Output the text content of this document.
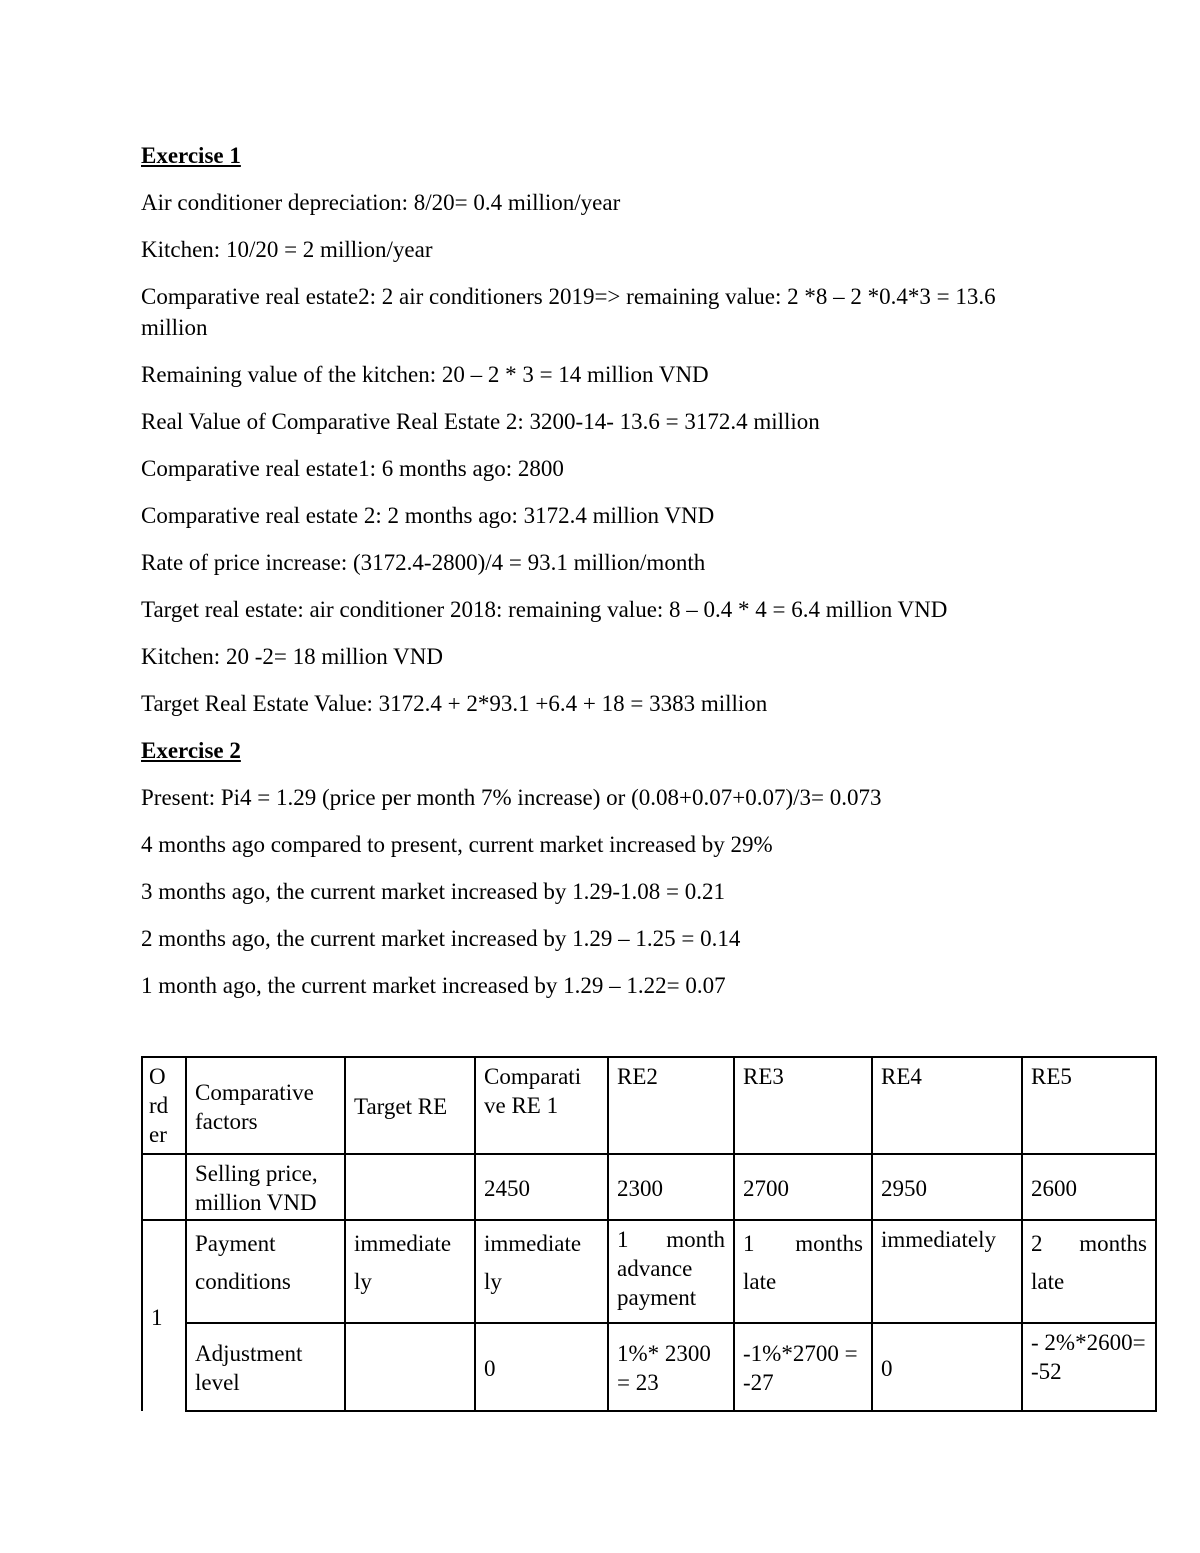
Exercise 1

Air conditioner depreciation: 8/20= 0.4 million/year

Kitchen: 10/20 = 2 million/year

Comparative real estate2: 2 air conditioners 2019=> remaining value: 2 *8 – 2 *0.4*3 = 13.6 million

Remaining value of the kitchen: 20 – 2 * 3 = 14 million VND

Real Value of Comparative Real Estate 2: 3200-14- 13.6 = 3172.4 million

Comparative real estate1: 6 months ago: 2800

Comparative real estate 2: 2 months ago: 3172.4 million VND

Rate of price increase: (3172.4-2800)/4 = 93.1 million/month

Target real estate: air conditioner 2018: remaining value: 8 – 0.4 * 4 = 6.4 million VND

Kitchen: 20 -2= 18 million VND

Target Real Estate Value: 3172.4 + 2*93.1 +6.4 + 18 = 3383 million

Exercise 2

Present: Pi4 = 1.29 (price per month 7% increase) or (0.08+0.07+0.07)/3= 0.073

4 months ago compared to present, current market increased by 29%

3 months ago, the current market increased by 1.29-1.08 = 0.21

2 months ago, the current market increased by 1.29 – 1.25 = 0.14

1 month ago, the current market increased by 1.29 – 1.22= 0.07

O rd er	Comparative factors	Target RE	Comparati ve RE 1	RE2	RE3	RE4	RE5
	Selling price, million VND		2450	2300	2700	2950	2600
1	Payment conditions	immediate ly	immediate ly	1 month advance payment	1 months late	immediately	2 months late
	Adjustment level		0	1%* 2300 = 23	-1%*2700 = -27	0	- 2%*2600= -52
